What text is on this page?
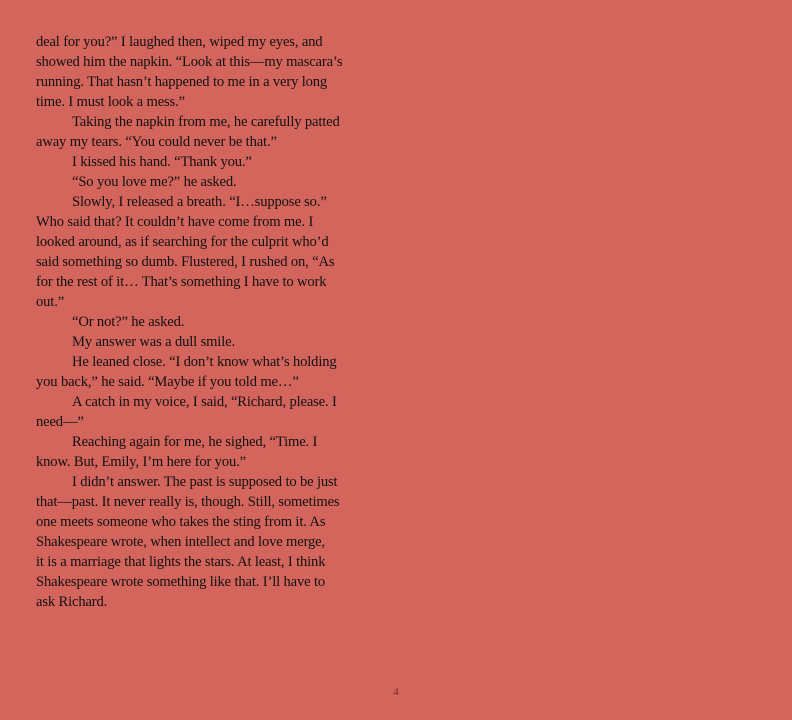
deal for you?” I laughed then, wiped my eyes, and
showed him the napkin. “Look at this—my mascara’s
running. That hasn’t happened to me in a very long
time. I must look a mess.”
Taking the napkin from me, he carefully patted
away my tears. “You could never be that.”
I kissed his hand. “Thank you.”
“So you love me?” he asked.
Slowly, I released a breath. “I…suppose so.”
Who said that? It couldn’t have come from me. I
looked around, as if searching for the culprit who’d
said something so dumb. Flustered, I rushed on, “As
for the rest of it… That’s something I have to work
out.”
“Or not?” he asked.
My answer was a dull smile.
He leaned close. “I don’t know what’s holding
you back,” he said. “Maybe if you told me…”
A catch in my voice, I said, “Richard, please. I
need—”
Reaching again for me, he sighed, “Time. I
know. But, Emily, I’m here for you.”
I didn’t answer. The past is supposed to be just
that—past. It never really is, though. Still, sometimes
one meets someone who takes the sting from it. As
Shakespeare wrote, when intellect and love merge,
it is a marriage that lights the stars. At least, I think
Shakespeare wrote something like that. I’ll have to
ask Richard.
4
